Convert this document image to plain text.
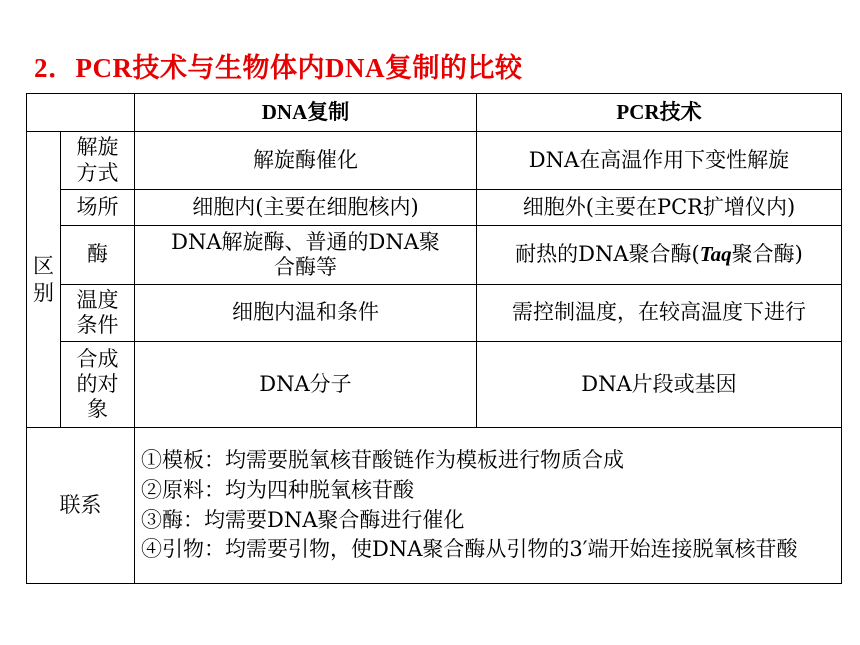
2．PCR技术与生物体内DNA复制的比较
		DNA复制	PCR技术

区别	解旋方式	解旋酶催化	DNA在高温作用下变性解旋
	场所	细胞内(主要在细胞核内)	细胞外(主要在PCR扩增仪内)
	酶	DNA解旋酶、普通的DNA聚合酶等	耐热的DNA聚合酶(Taq聚合酶)

	温度条件	细胞内温和条件	需控制温度，在较高温度下进行

	合成的对象	DNA分子	DNA片段或基因
联系		①模板：均需要脱氧核苷酸链作为模板进行物质合成
②原料：均为四种脱氧核苷酸
③酶：均需要DNA聚合酶进行催化
④引物：均需要引物，使DNA聚合酶从引物的3′端开始连接脱氧核苷酸	
